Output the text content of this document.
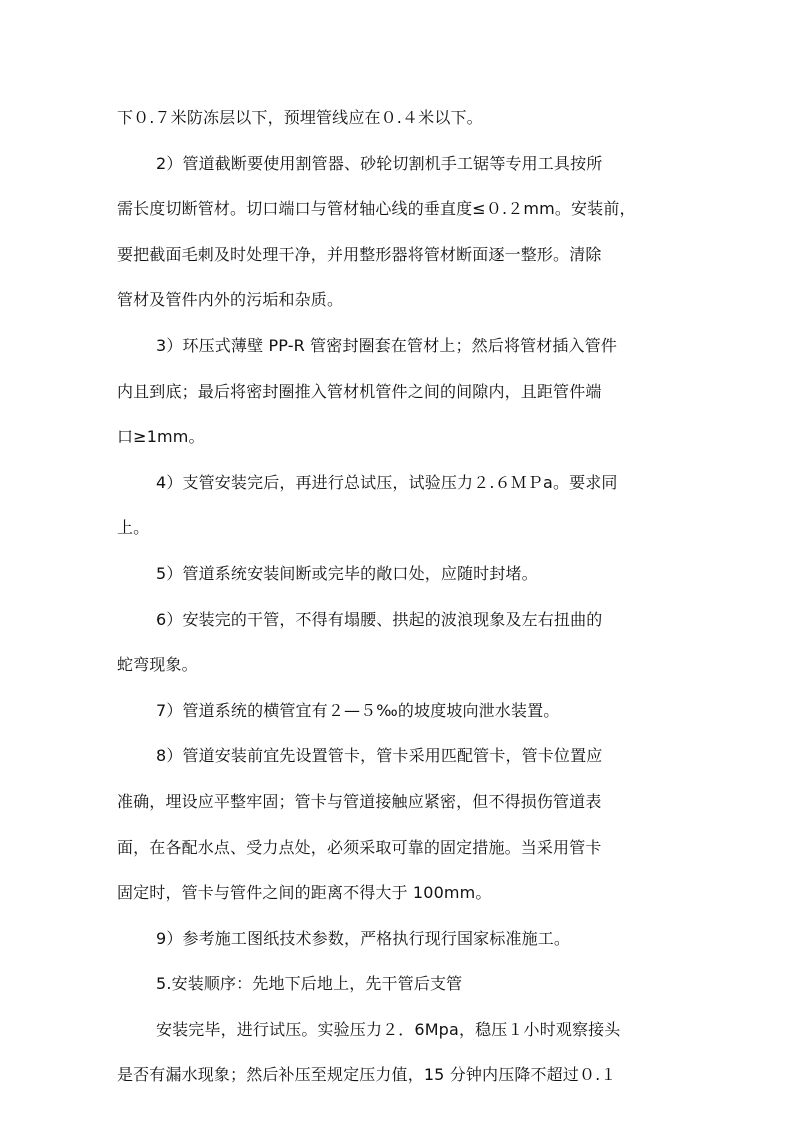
下０.７米防冻层以下，预埋管线应在０.４米以下。
2）管道截断要使用割管器、砂轮切割机手工锯等专用工具按所
需长度切断管材。切口端口与管材轴心线的垂直度≤０.２mm。安装前，
要把截面毛刺及时处理干净，并用整形器将管材断面逐一整形。清除
管材及管件内外的污垢和杂质。
3）环压式薄壁 PP-R 管密封圈套在管材上；然后将管材插入管件
内且到底；最后将密封圈推入管材机管件之间的间隙内，且距管件端
口≥1mm。
4）支管安装完后，再进行总试压，试验压力２.６ＭＰa。要求同
上。
5）管道系统安装间断或完毕的敞口处，应随时封堵。
6）安装完的干管，不得有塌腰、拱起的波浪现象及左右扭曲的
蛇弯现象。
7）管道系统的横管宜有２—５‰的坡度坡向泄水装置。
8）管道安装前宜先设置管卡，管卡采用匹配管卡，管卡位置应
准确，埋设应平整牢固；管卡与管道接触应紧密，但不得损伤管道表
面，在各配水点、受力点处，必须采取可靠的固定措施。当采用管卡
固定时，管卡与管件之间的距离不得大于 100mm。
9）参考施工图纸技术参数，严格执行现行国家标准施工。
5.安装顺序：先地下后地上，先干管后支管
安装完毕，进行试压。实验压力２．6Mpa，稳压１小时观察接头
是否有漏水现象；然后补压至规定压力值，15 分钟内压降不超过０.１
